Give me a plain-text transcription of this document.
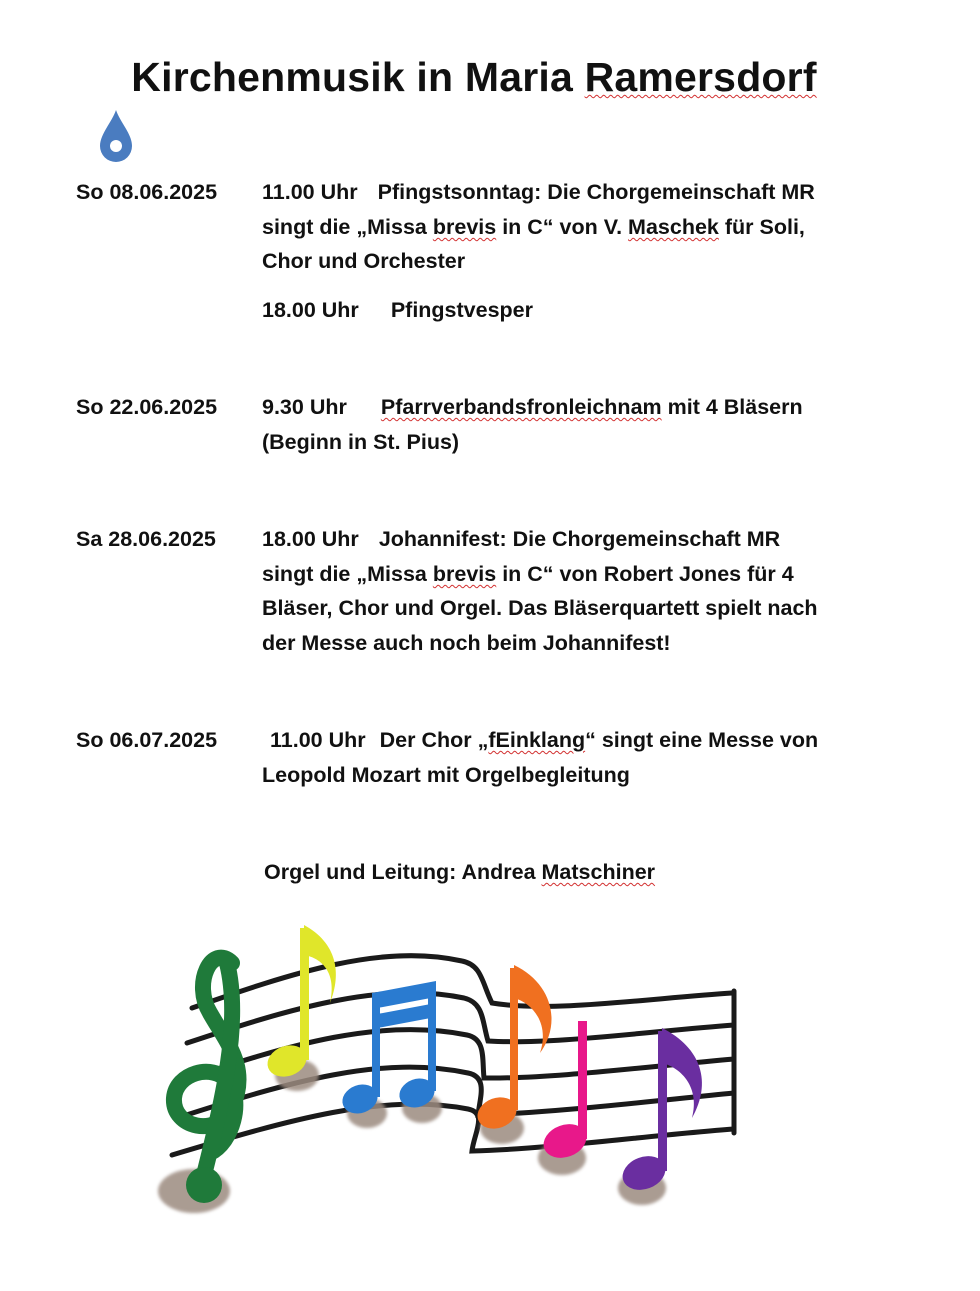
Kirchenmusik in Maria Ramersdorf
So 08.06.2025 11.00 Uhr Pfingstsonntag: Die Chorgemeinschaft MR
singt die „Missa brevis in C“ von V. Maschek für Soli,
Chor und Orchester
18.00 Uhr Pfingstvesper
So 22.06.2025 9.30 Uhr Pfarrverbandsfronleichnam mit 4 Bläsern
(Beginn in St. Pius)
Sa 28.06.2025 18.00 Uhr Johannifest: Die Chorgemeinschaft MR
singt die „Missa brevis in C“ von Robert Jones für 4
Bläser, Chor und Orgel. Das Bläserquartett spielt nach
der Messe auch noch beim Johannifest!
So 06.07.2025 11.00 Uhr Der Chor „fEinklang“ singt eine Messe von
Leopold Mozart mit Orgelbegleitung
Orgel und Leitung: Andrea Matschiner
